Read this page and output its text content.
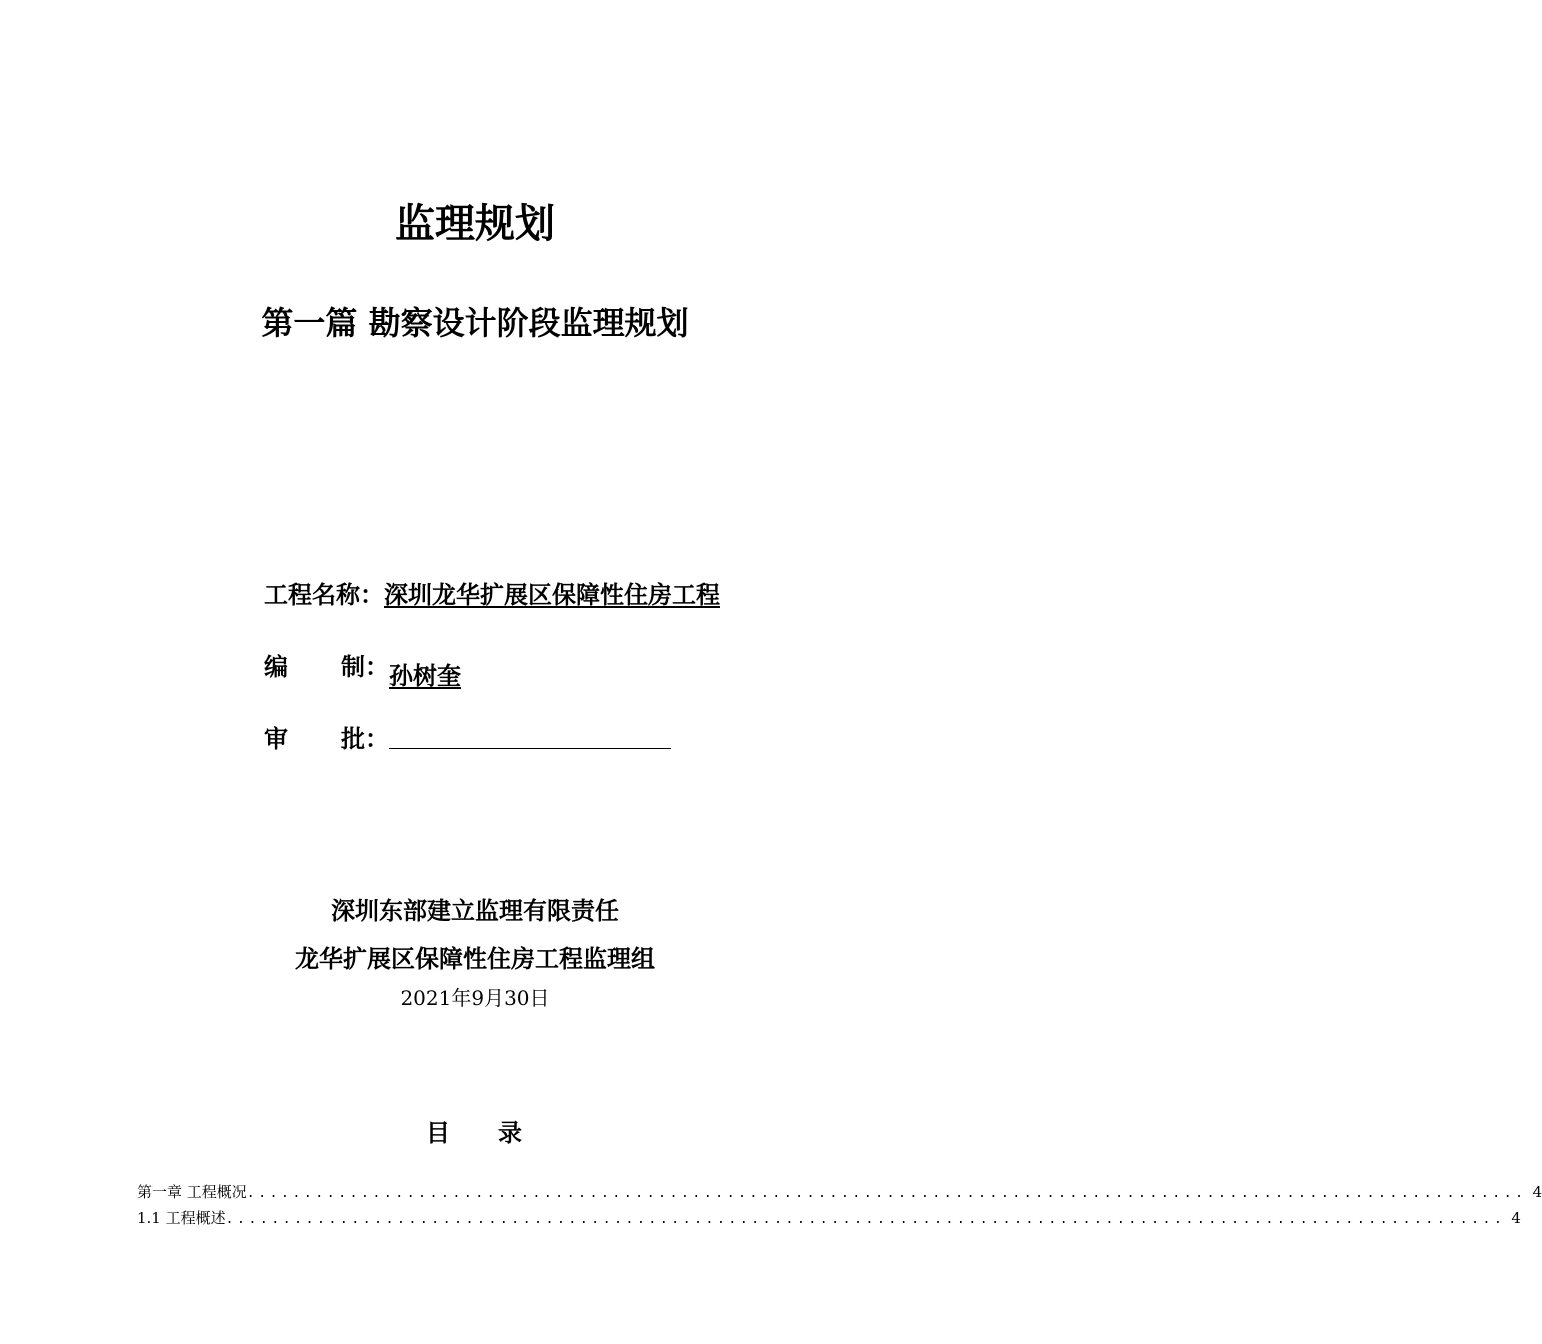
监理规划
第一篇 勘察设计阶段监理规划
工程名称：深圳龙华扩展区保障性住房工程
编 制： 孙树奎
审 批：
深圳东部建立监理有限责任
龙华扩展区保障性住房工程监理组
2021年9月30日
目 录
第一章 工程概况 ................................................................................................................ 4
1.1 工程概述 ................................................................................................................ 4
